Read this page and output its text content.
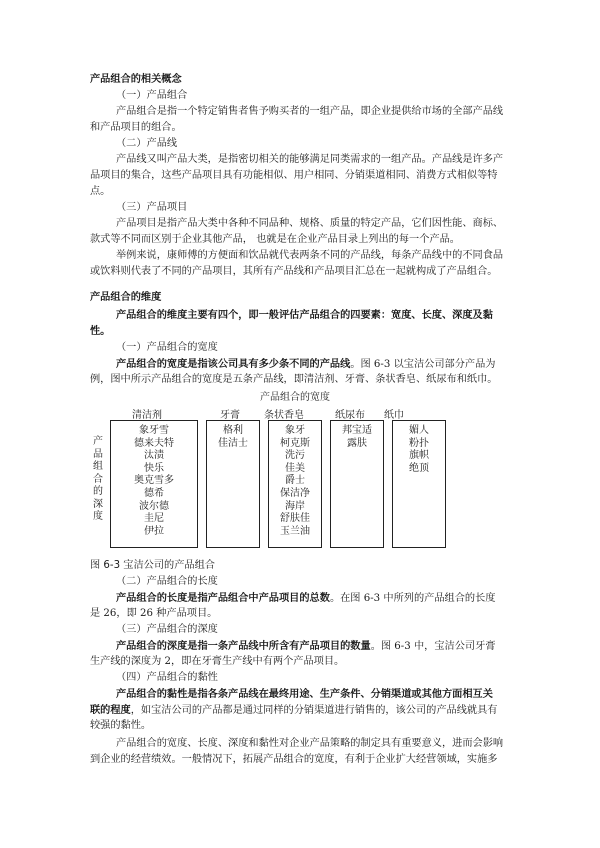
产品组合的相关概念
（一）产品组合
产品组合是指一个特定销售者售予购买者的一组产品，即企业提供给市场的全部产品线
和产品项目的组合。
（二）产品线
产品线又叫产品大类，是指密切相关的能够满足同类需求的一组产品。产品线是许多产
品项目的集合，这些产品项目具有功能相似、用户相同、分销渠道相同、消费方式相似等特
点。
（三）产品项目
产品项目是指产品大类中各种不同品种、规格、质量的特定产品，它们因性能、商标、
款式等不同而区别于企业其他产品， 也就是在企业产品目录上列出的每一个产品。
举例来说，康师傅的方便面和饮品就代表两条不同的产品线，每条产品线中的不同食品
或饮料则代表了不同的产品项目，其所有产品线和产品项目汇总在一起就构成了产品组合。
产品组合的维度
产品组合的维度主要有四个，即一般评估产品组合的四要素：宽度、长度、深度及黏
性。
（一）产品组合的宽度
产品组合的宽度是指该公司具有多少条不同的产品线。图 6-3 以宝洁公司部分产品为
例，图中所示产品组合的宽度是五条产品线，即清洁剂、牙膏、条状香皂、纸尿布和纸巾。
产品组合的宽度
清洁剂	牙膏 条状香皂	纸尿布 纸巾
产品组合的深度
象牙雪
德来夫特
汰渍
快乐
奥克雪多
德希
波尔德
圭尼
伊拉
格利
佳洁士
象牙
柯克斯
洗污
佳美
爵士
保洁净
海岸
舒肤佳
玉兰油
邦宝适
露肤
媚人
粉扑
旗帜
绝顶
图 6-3 宝洁公司的产品组合
（二）产品组合的长度
产品组合的长度是指产品组合中产品项目的总数。在图 6-3 中所列的产品组合的长度
是 26，即 26 种产品项目。
（三）产品组合的深度
产品组合的深度是指一条产品线中所含有产品项目的数量。图 6-3 中，宝洁公司牙膏
生产线的深度为 2，即在牙膏生产线中有两个产品项目。
（四）产品组合的黏性
产品组合的黏性是指各条产品线在最终用途、生产条件、分销渠道或其他方面相互关
联的程度，如宝洁公司的产品都是通过同样的分销渠道进行销售的，该公司的产品线就具有
较强的黏性。
产品组合的宽度、长度、深度和黏性对企业产品策略的制定具有重要意义，进而会影响
到企业的经营绩效。一般情况下，拓展产品组合的宽度，有利于企业扩大经营领域，实施多
